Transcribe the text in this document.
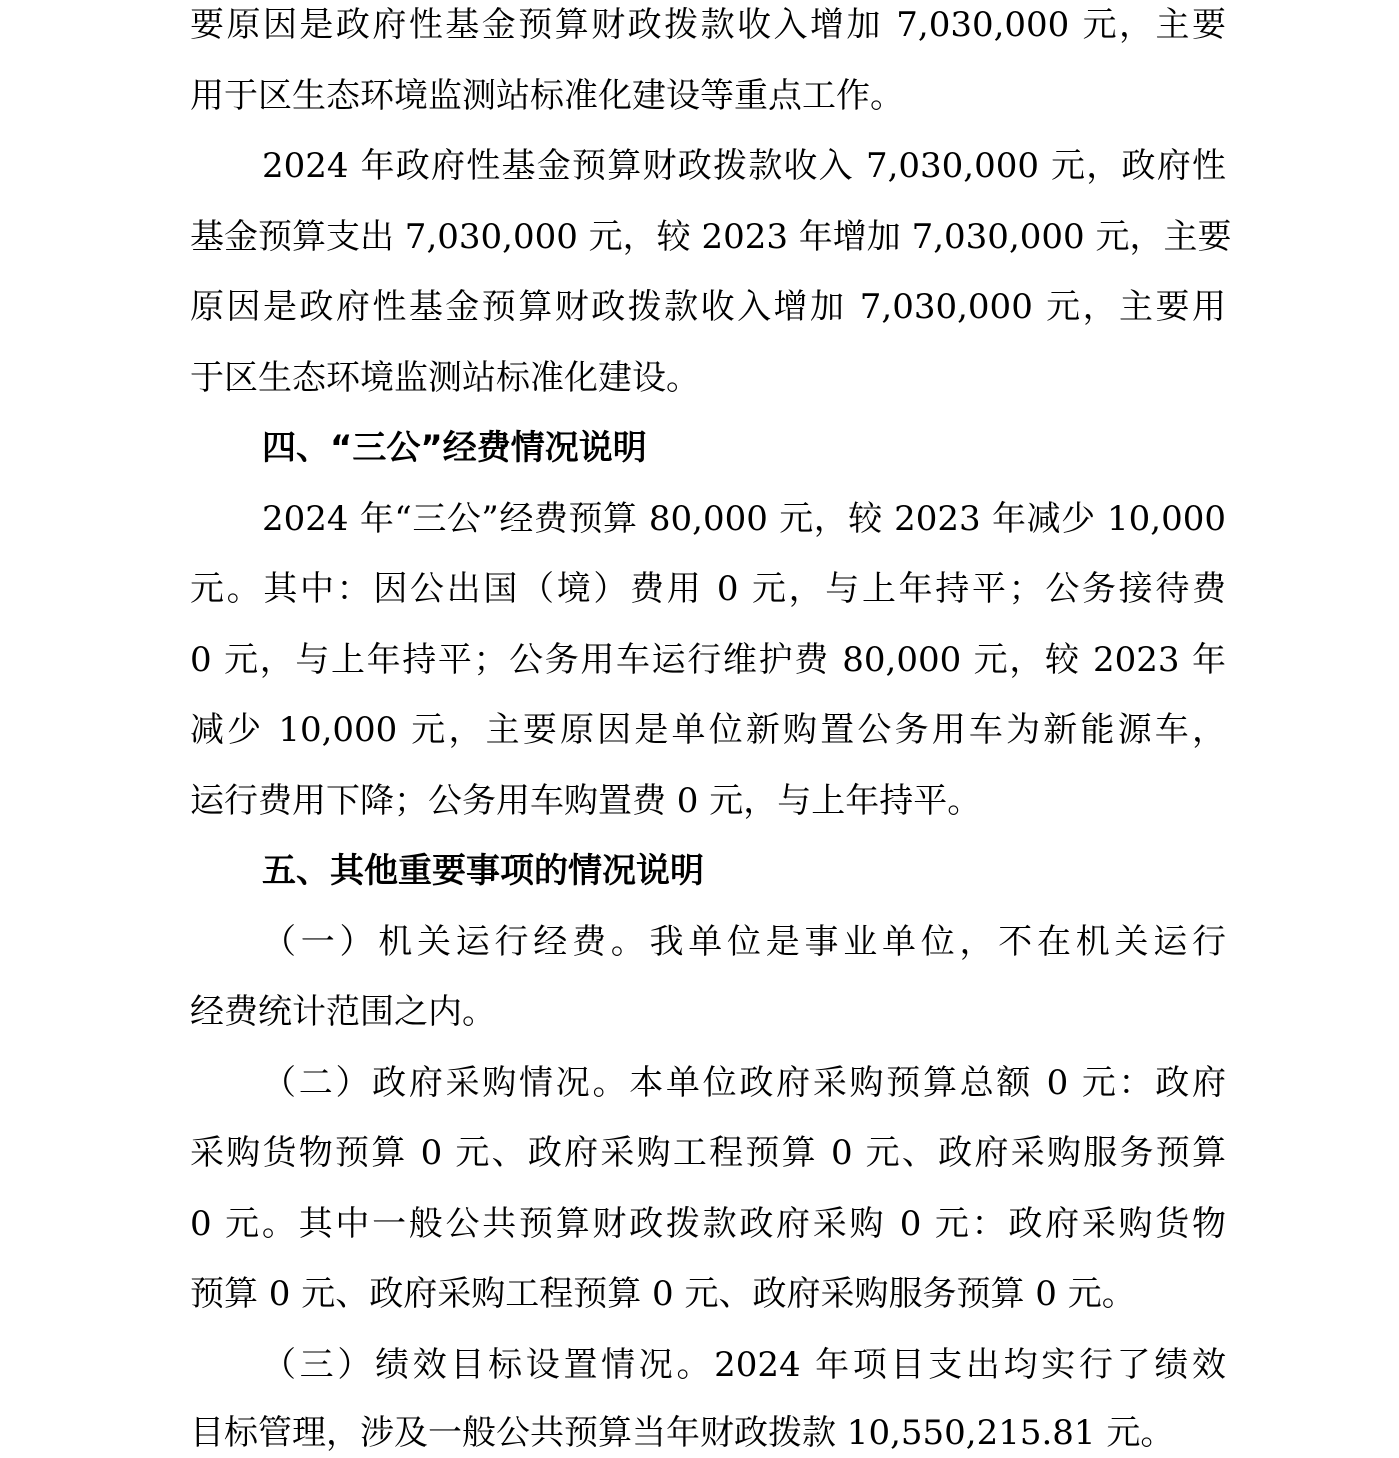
要原因是政府性基金预算财政拨款收入增加 7,030,000 元，主要
用于区生态环境监测站标准化建设等重点工作。
2024 年政府性基金预算财政拨款收入 7,030,000 元，政府性
基金预算支出 7,030,000 元，较 2023 年增加 7,030,000 元，主要
原因是政府性基金预算财政拨款收入增加 7,030,000 元，主要用
于区生态环境监测站标准化建设。
四、“三公”经费情况说明
2024 年“三公”经费预算 80,000 元，较 2023 年减少 10,000
元。其中：因公出国（境）费用 0 元，与上年持平；公务接待费
0 元，与上年持平；公务用车运行维护费 80,000 元，较 2023 年
减少 10,000 元，主要原因是单位新购置公务用车为新能源车，
运行费用下降；公务用车购置费 0 元，与上年持平。
五、其他重要事项的情况说明
（一）机关运行经费。我单位是事业单位，不在机关运行
经费统计范围之内。
（二）政府采购情况。本单位政府采购预算总额 0 元：政府
采购货物预算 0 元、政府采购工程预算 0 元、政府采购服务预算
0 元。其中一般公共预算财政拨款政府采购 0 元：政府采购货物
预算 0 元、政府采购工程预算 0 元、政府采购服务预算 0 元。
（三）绩效目标设置情况。2024 年项目支出均实行了绩效
目标管理，涉及一般公共预算当年财政拨款 10,550,215.81 元。
